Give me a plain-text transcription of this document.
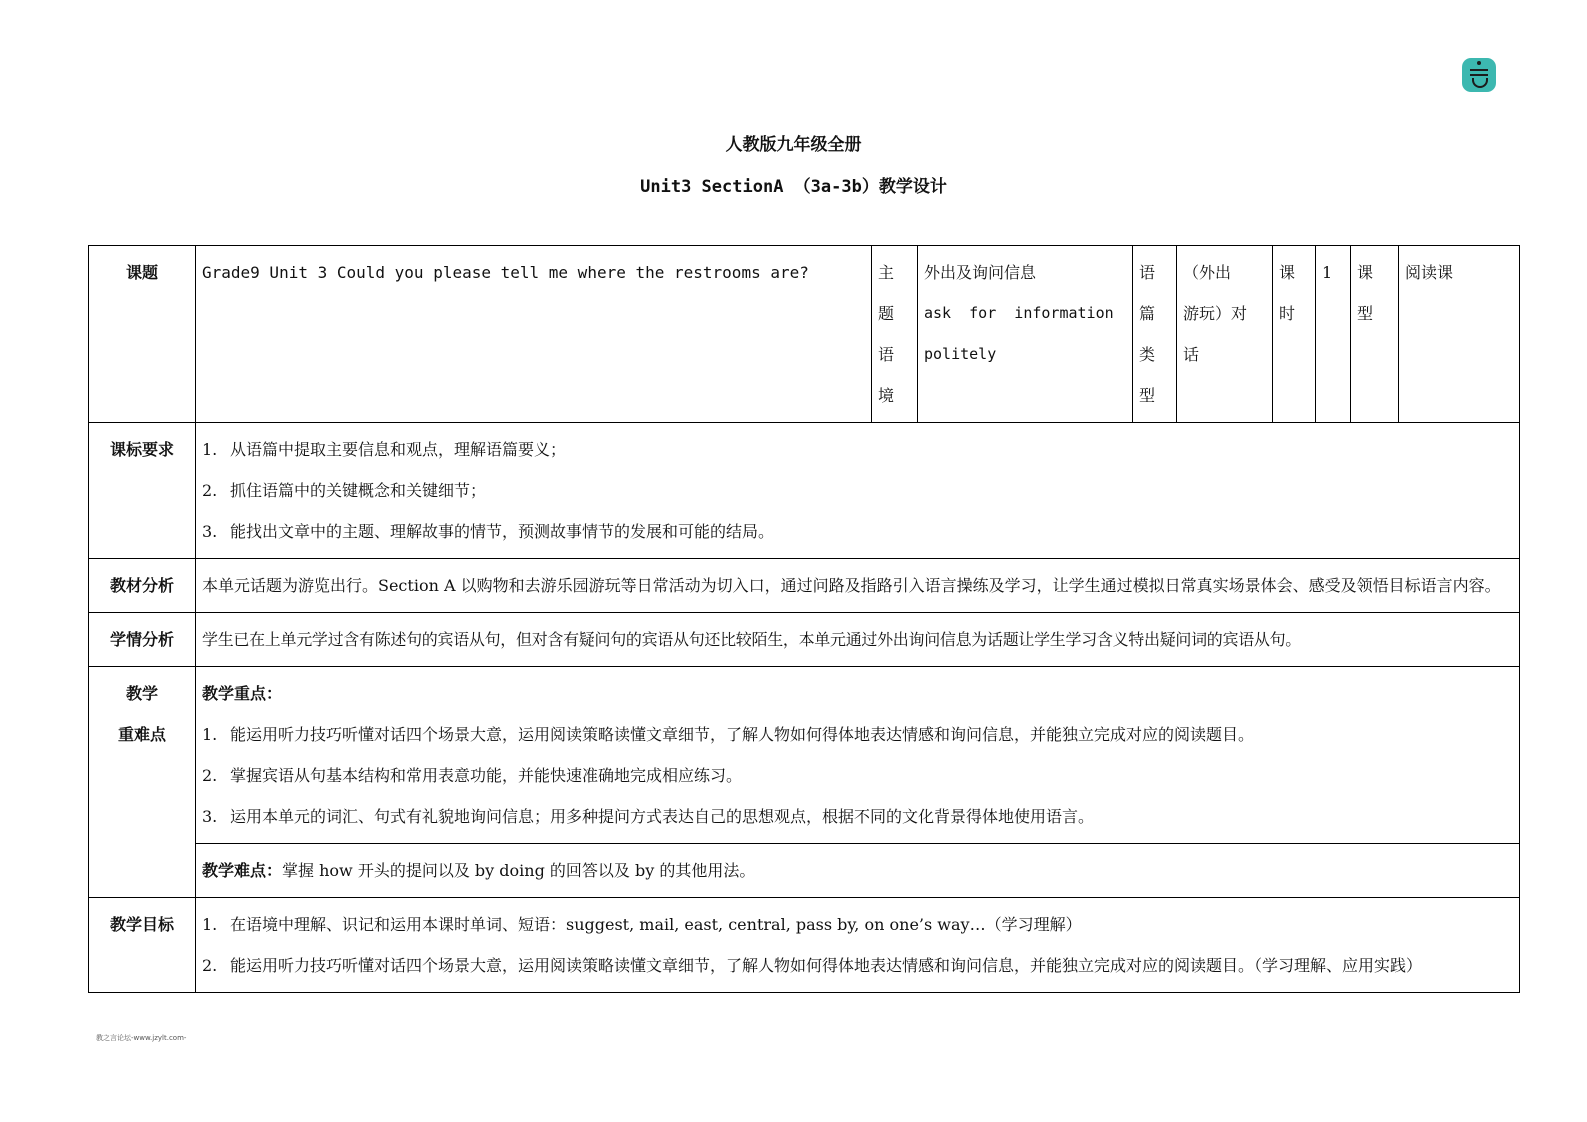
人教版九年级全册
Unit3 SectionA （3a-3b）教学设计
课题	Grade9 Unit 3 Could you please tell me where the restrooms are?	主
题
语
境	外出及询问信息
ask  for  information
politely	语
篇
类
型	（外出
游玩）对
话	课
时	1	课
型	阅读课
课标要求	1. 从语篇中提取主要信息和观点，理解语篇要义；
2. 抓住语篇中的关键概念和关键细节；
3. 能找出文章中的主题、理解故事的情节，预测故事情节的发展和可能的结局。								

教材分析	本单元话题为游览出行。Section A 以购物和去游乐园游玩等日常活动为切入口，通过问路及指路引入语言操练及学习，让学生通过模拟日常真实场景体会、感受及领悟目标语言内容。								
学情分析	学生已在上单元学过含有陈述句的宾语从句，但对含有疑问句的宾语从句还比较陌生，本单元通过外出询问信息为话题让学生学习含义特出疑问词的宾语从句。								

教学
重难点	教学重点：
1. 能运用听力技巧听懂对话四个场景大意，运用阅读策略读懂文章细节，了解人物如何得体地表达情感和询问信息，并能独立完成对应的阅读题目。
2. 掌握宾语从句基本结构和常用表意功能，并能快速准确地完成相应练习。
3. 运用本单元的词汇、句式有礼貌地询问信息；用多种提问方式表达自己的思想观点，根据不同的文化背景得体地使用语言。								

	教学难点：掌握 how 开头的提问以及 by doing 的回答以及 by 的其他用法。								
教学目标	1. 在语境中理解、识记和运用本课时单词、短语：suggest, mail, east, central, pass by, on one’s way…（学习理解）
2. 能运用听力技巧听懂对话四个场景大意，运用阅读策略读懂文章细节，了解人物如何得体地表达情感和询问信息，并能独立完成对应的阅读题目。（学习理解、应用实践）								
教之言论坛-www.jzylt.com-
